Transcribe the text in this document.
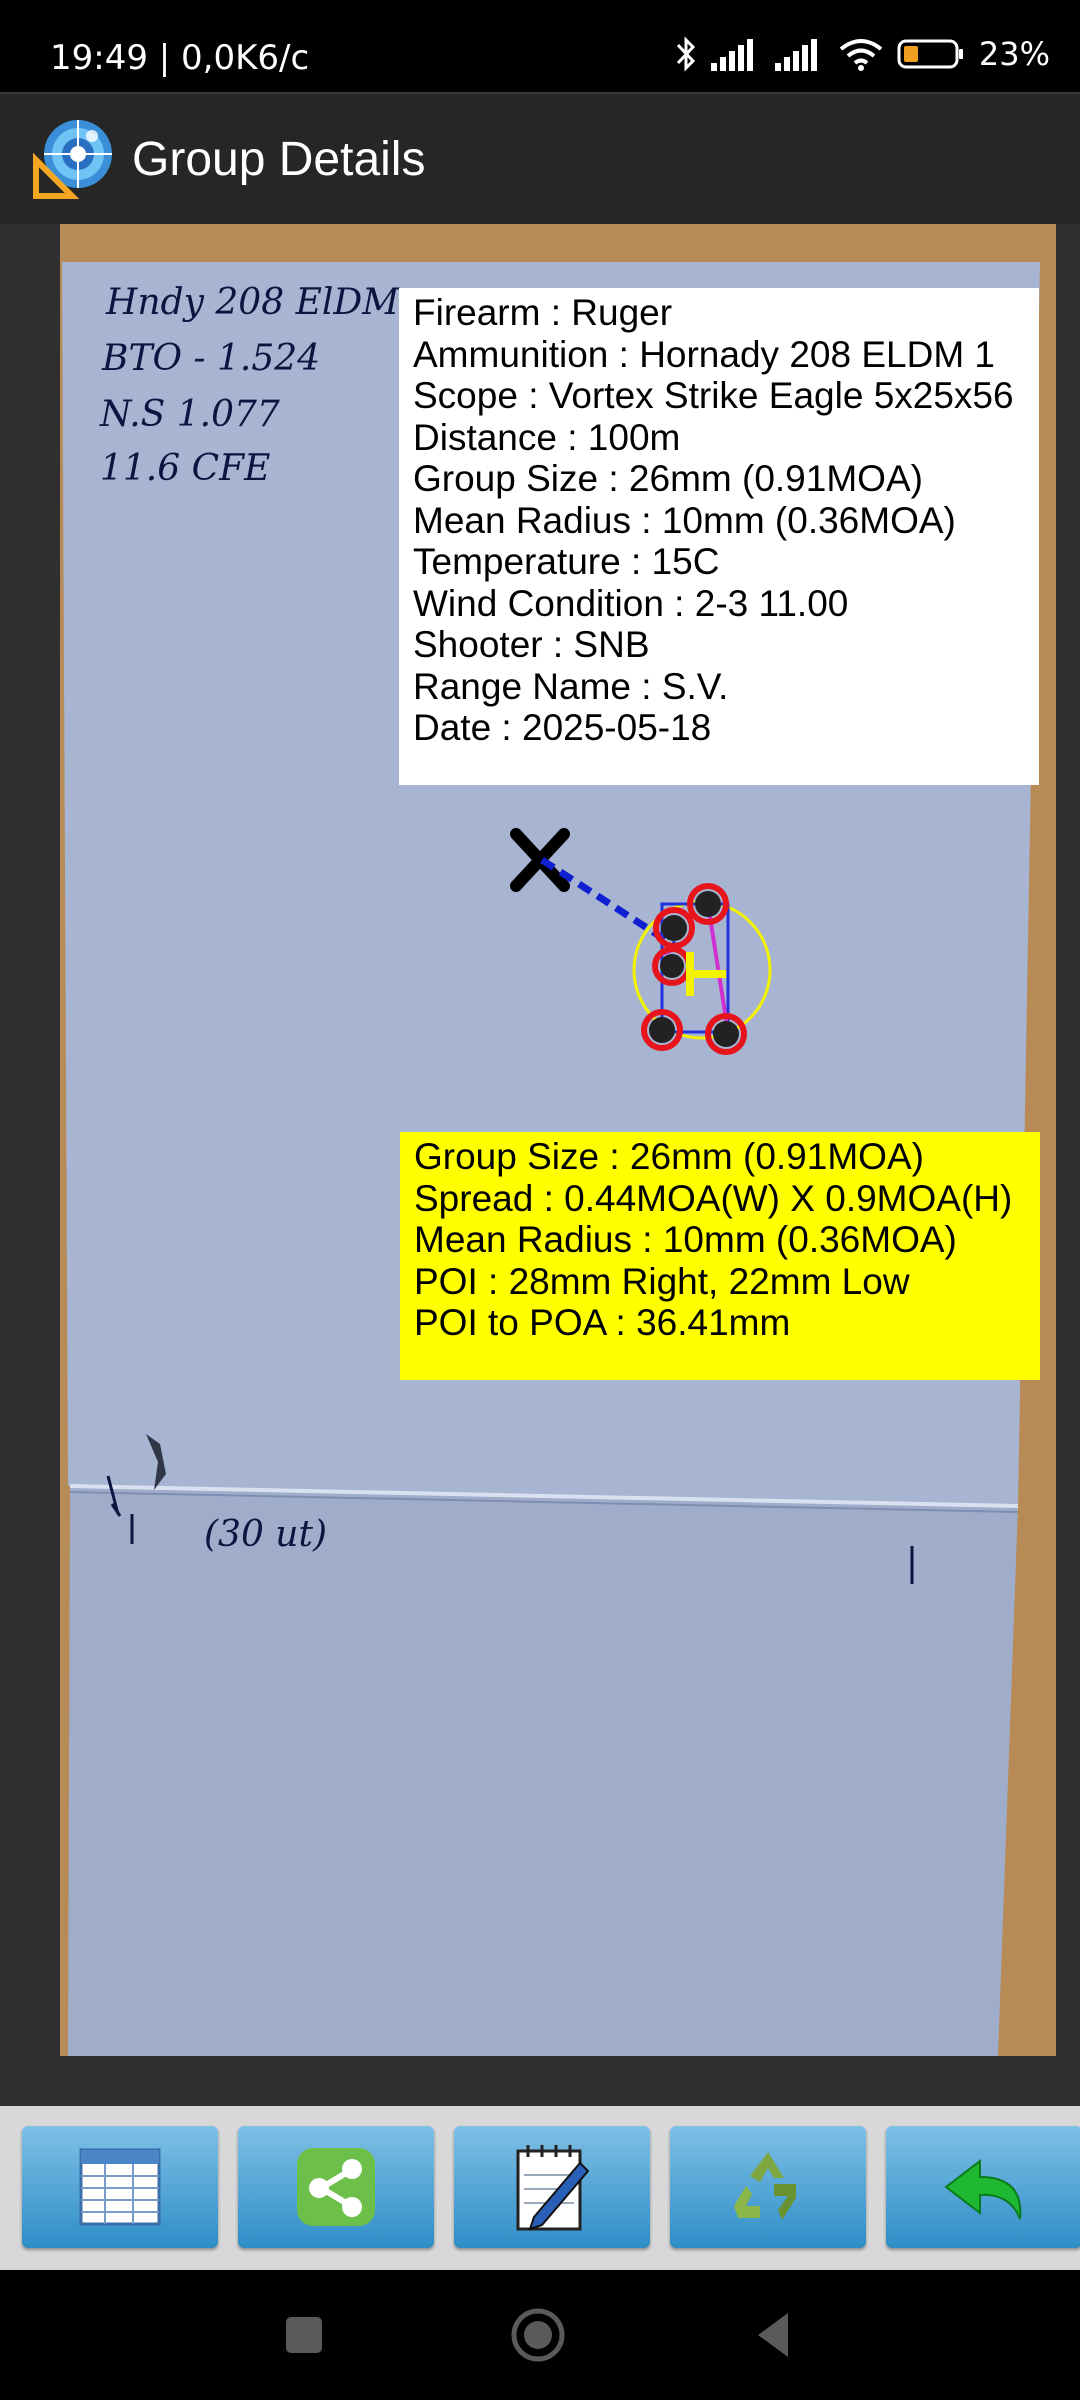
19:49 | 0,0K6/c	23%
Group Details
Hndy 208 ElDM
BTO - 1.524
N.S 1.077
11.6 CFE
(30 ut)
Firearm : Ruger
Ammunition : Hornady 208 ELDM 1
Scope : Vortex Strike Eagle 5x25x56
Distance : 100m
Group Size : 26mm (0.91MOA)
Mean Radius : 10mm (0.36MOA)
Temperature : 15C
Wind Condition : 2-3 11.00
Shooter : SNB
Range Name : S.V.
Date : 2025-05-18
Group Size : 26mm (0.91MOA)
Spread : 0.44MOA(W) X 0.9MOA(H)
Mean Radius : 10mm (0.36MOA)
POI : 28mm Right, 22mm Low
POI to POA : 36.41mm
